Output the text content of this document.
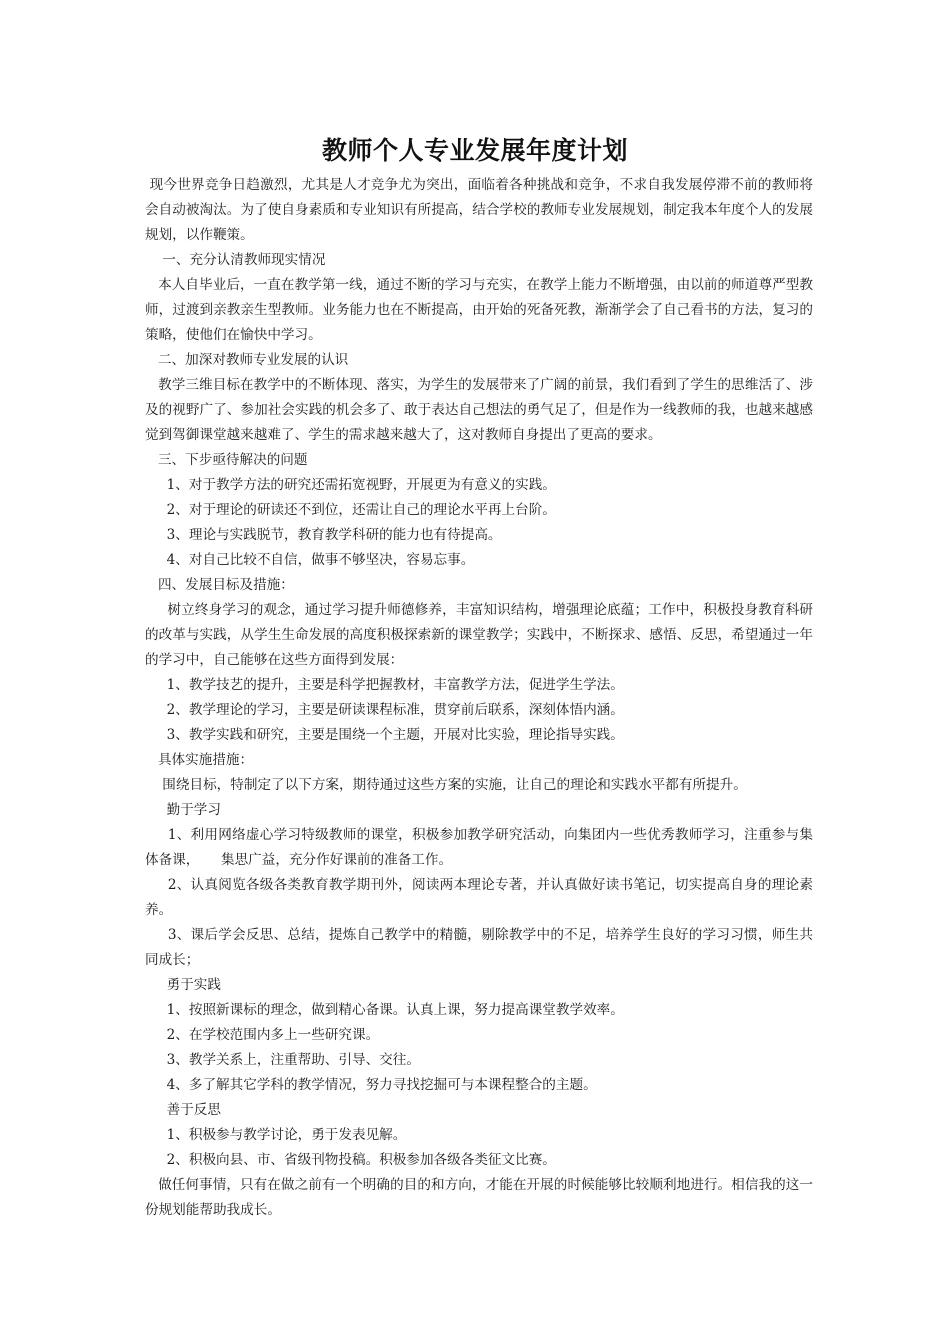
教师个人专业发展年度计划

现今世界竞争日趋激烈，尤其是人才竞争尤为突出，面临着各种挑战和竞争，不求自我发展停滞不前的教师将会自动被淘汰。为了使自身素质和专业知识有所提高，结合学校的教师专业发展规划，制定我本年度个人的发展规划，以作鞭策。

一、充分认清教师现实情况

本人自毕业后，一直在教学第一线，通过不断的学习与充实，在教学上能力不断增强，由以前的师道尊严型教师，过渡到亲教亲生型教师。业务能力也在不断提高，由开始的死备死教，渐渐学会了自己看书的方法，复习的策略，使他们在愉快中学习。

二、加深对教师专业发展的认识

教学三维目标在教学中的不断体现、落实，为学生的发展带来了广阔的前景，我们看到了学生的思维活了、涉及的视野广了、参加社会实践的机会多了、敢于表达自己想法的勇气足了，但是作为一线教师的我，也越来越感觉到驾御课堂越来越难了、学生的需求越来越大了，这对教师自身提出了更高的要求。

三、下步亟待解决的问题

1、对于教学方法的研究还需拓宽视野，开展更为有意义的实践。

2、对于理论的研读还不到位，还需让自己的理论水平再上台阶。

3、理论与实践脱节，教育教学科研的能力也有待提高。

4、对自己比较不自信，做事不够坚决，容易忘事。

四、发展目标及措施：

树立终身学习的观念，通过学习提升师德修养，丰富知识结构，增强理论底蕴；工作中，积极投身教育科研的改革与实践，从学生生命发展的高度积极探索新的课堂教学；实践中，不断探求、感悟、反思，希望通过一年的学习中，自己能够在这些方面得到发展：

1、教学技艺的提升，主要是科学把握教材，丰富教学方法，促进学生学法。

2、教学理论的学习，主要是研读课程标准，贯穿前后联系，深刻体悟内涵。

3、教学实践和研究，主要是围绕一个主题，开展对比实验，理论指导实践。

具体实施措施：

围绕目标，特制定了以下方案，期待通过这些方案的实施，让自己的理论和实践水平都有所提升。

勤于学习

1、利用网络虚心学习特级教师的课堂，积极参加教学研究活动，向集团内一些优秀教师学习，注重参与集体备课，     集思广益，充分作好课前的准备工作。

2、认真阅览各级各类教育教学期刊外，阅读两本理论专著，并认真做好读书笔记，切实提高自身的理论素养。

3、课后学会反思、总结，提炼自己教学中的精髓，剔除教学中的不足，培养学生良好的学习习惯，师生共同成长；

勇于实践

1、按照新课标的理念，做到精心备课。认真上课，努力提高课堂教学效率。

2、在学校范围内多上一些研究课。

3、教学关系上，注重帮助、引导、交往。

4、多了解其它学科的教学情况，努力寻找挖掘可与本课程整合的主题。

善于反思

1、积极参与教学讨论，勇于发表见解。

2、积极向县、市、省级刊物投稿。积极参加各级各类征文比赛。

做任何事情，只有在做之前有一个明确的目的和方向，才能在开展的时候能够比较顺利地进行。相信我的这一份规划能帮助我成长。
